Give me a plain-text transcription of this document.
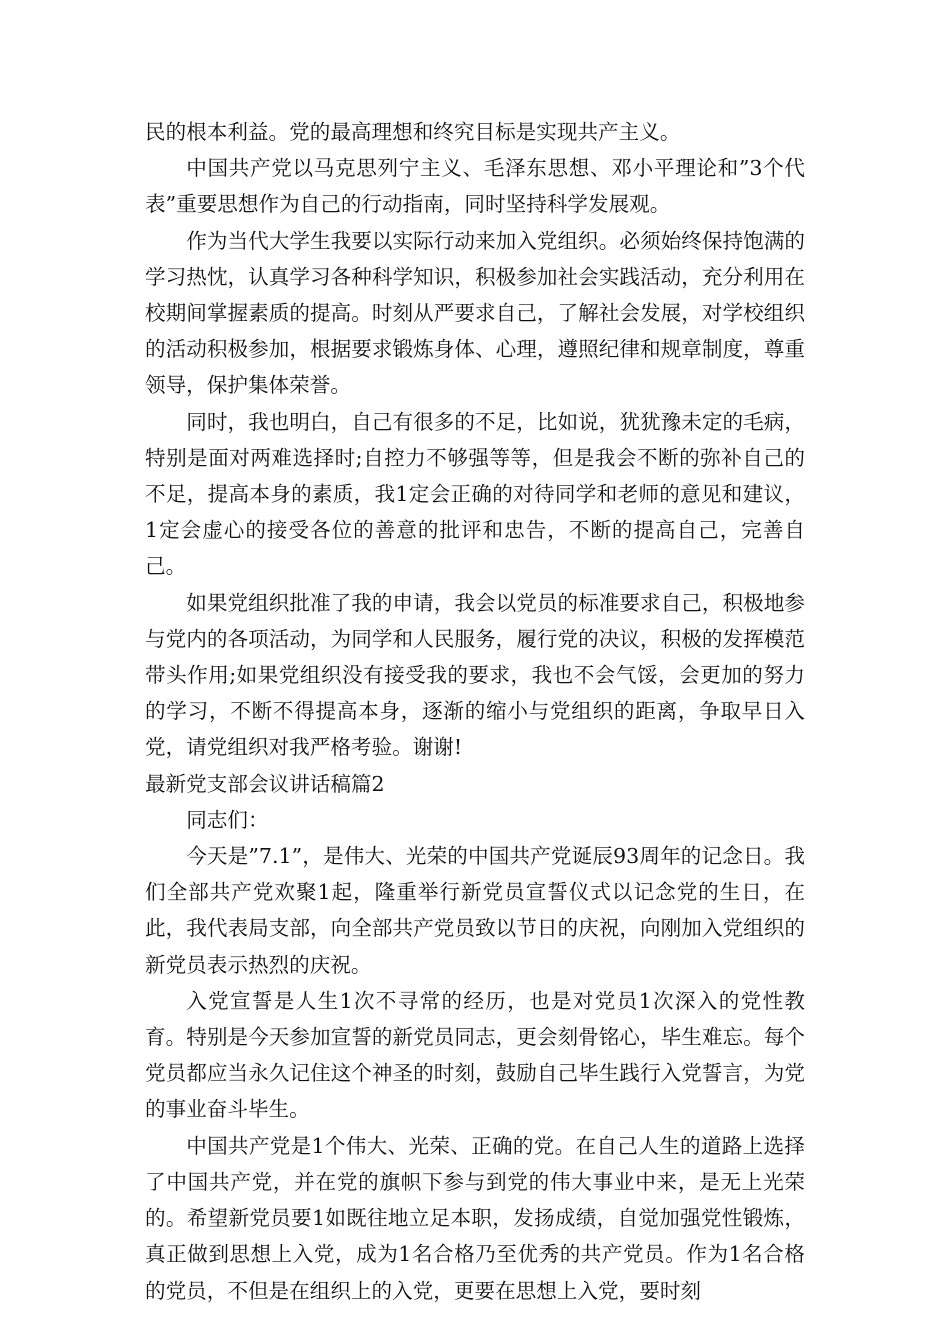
民的根本利益。党的最高理想和终究目标是实现共产主义。

中国共产党以马克思列宁主义、毛泽东思想、邓小平理论和”3个代表”重要思想作为自己的行动指南，同时坚持科学发展观。

作为当代大学生我要以实际行动来加入党组织。必须始终保持饱满的学习热忱，认真学习各种科学知识，积极参加社会实践活动，充分利用在校期间掌握素质的提高。时刻从严要求自己，了解社会发展，对学校组织的活动积极参加，根据要求锻炼身体、心理，遵照纪律和规章制度，尊重领导，保护集体荣誉。

同时，我也明白，自己有很多的不足，比如说，犹犹豫未定的毛病，特别是面对两难选择时;自控力不够强等等，但是我会不断的弥补自己的不足，提高本身的素质，我1定会正确的对待同学和老师的意见和建议，1定会虚心的接受各位的善意的批评和忠告，不断的提高自己，完善自己。

如果党组织批准了我的申请，我会以党员的标准要求自己，积极地参与党内的各项活动，为同学和人民服务，履行党的决议，积极的发挥模范带头作用;如果党组织没有接受我的要求，我也不会气馁，会更加的努力的学习，不断不得提高本身，逐渐的缩小与党组织的距离，争取早日入党，请党组织对我严格考验。谢谢!

最新党支部会议讲话稿篇2

同志们：

今天是”7.1”，是伟大、光荣的中国共产党诞辰93周年的记念日。我们全部共产党欢聚1起，隆重举行新党员宣誓仪式以记念党的生日，在此，我代表局支部，向全部共产党员致以节日的庆祝，向刚加入党组织的新党员表示热烈的庆祝。

入党宣誓是人生1次不寻常的经历，也是对党员1次深入的党性教育。特别是今天参加宣誓的新党员同志，更会刻骨铭心，毕生难忘。每个党员都应当永久记住这个神圣的时刻，鼓励自己毕生践行入党誓言，为党的事业奋斗毕生。

中国共产党是1个伟大、光荣、正确的党。在自己人生的道路上选择了中国共产党，并在党的旗帜下参与到党的伟大事业中来，是无上光荣的。希望新党员要1如既往地立足本职，发扬成绩，自觉加强党性锻炼，真正做到思想上入党，成为1名合格乃至优秀的共产党员。作为1名合格的党员，不但是在组织上的入党，更要在思想上入党，要时刻
